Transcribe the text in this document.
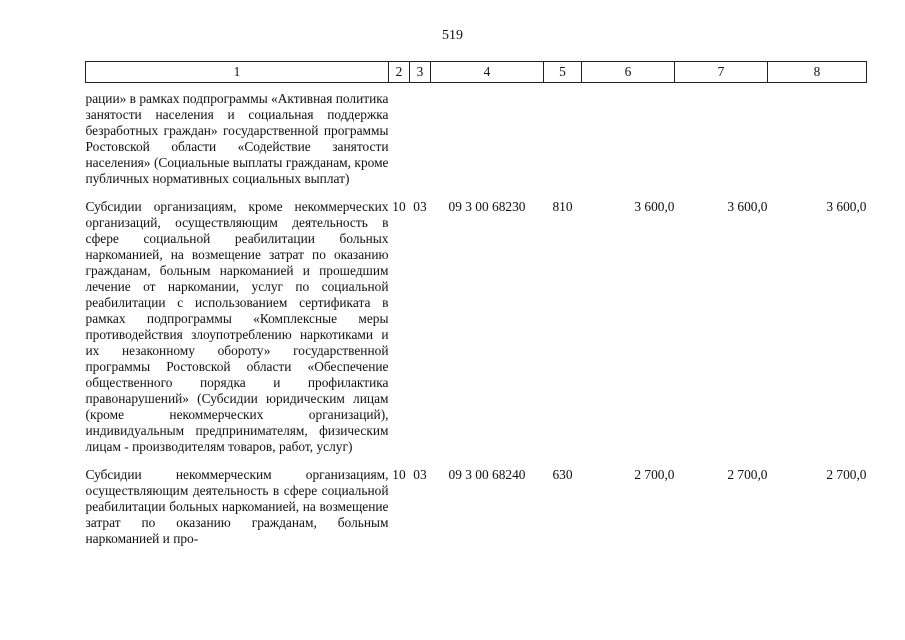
519
1	2	3	4	5	6	7	8
рации» в рамках подпрограммы «Активная политика занятости населения и социальная поддержка безработных граждан» государственной программы Ростовской области «Содействие занятости населения» (Социальные выплаты гражданам, кроме публичных нормативных социальных выплат)							
Субсидии организациям, кроме некоммерческих организаций, осуществляющим деятельность в сфере социальной реабилитации больных наркоманией, на возмещение затрат по оказанию гражданам, больным наркоманией и прошедшим лечение от наркомании, услуг по социальной реабилитации с использованием сертификата в рамках подпрограммы «Комплексные меры противодействия злоупотреблению наркотиками и их незаконному обороту» государственной программы Ростовской области «Обеспечение общественного порядка и профилактика правонарушений» (Субсидии юридическим лицам (кроме некоммерческих организаций), индивидуальным предпринимателям, физическим лицам - производителям товаров, работ, услуг)	10	03	09 3 00 68230	810	3 600,0	3 600,0	3 600,0
Субсидии некоммерческим организациям, осуществляющим деятельность в сфере социальной реабилитации больных наркоманией, на возмещение затрат по оказанию гражданам, больным наркоманией и про-	10	03	09 3 00 68240	630	2 700,0	2 700,0	2 700,0
